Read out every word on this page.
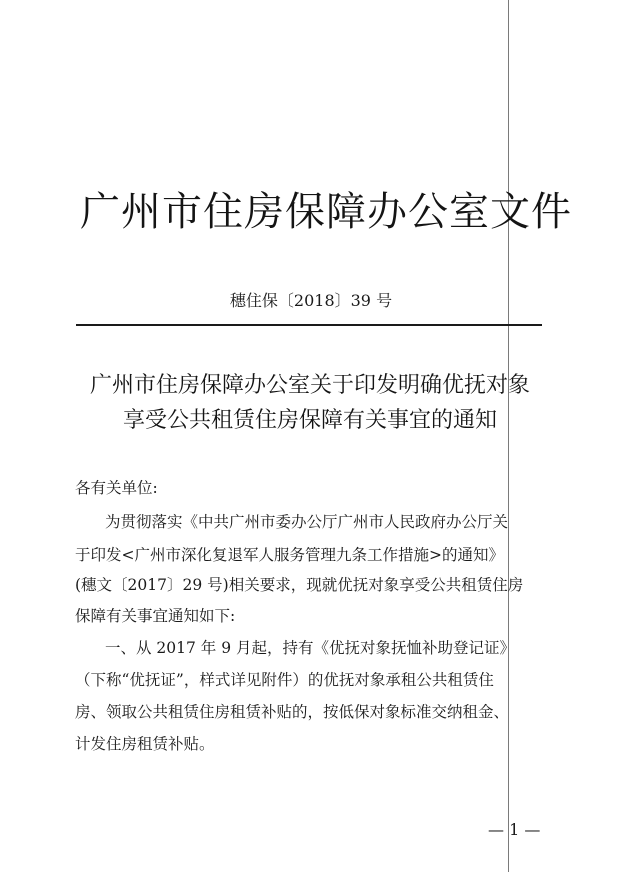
广州市住房保障办公室文件
穗住保〔2018〕39 号
广州市住房保障办公室关于印发明确优抚对象
享受公共租赁住房保障有关事宜的通知
各有关单位:
为贯彻落实《中共广州市委办公厅广州市人民政府办公厅关
于印发<广州市深化复退军人服务管理九条工作措施>的通知》
(穗文〔2017〕29 号)相关要求，现就优抚对象享受公共租赁住房
保障有关事宜通知如下:
一、从 2017 年 9 月起，持有《优抚对象抚恤补助登记证》
（下称“优抚证”，样式详见附件）的优抚对象承租公共租赁住
房、领取公共租赁住房租赁补贴的，按低保对象标准交纳租金、
计发住房租赁补贴。
— 1 —
